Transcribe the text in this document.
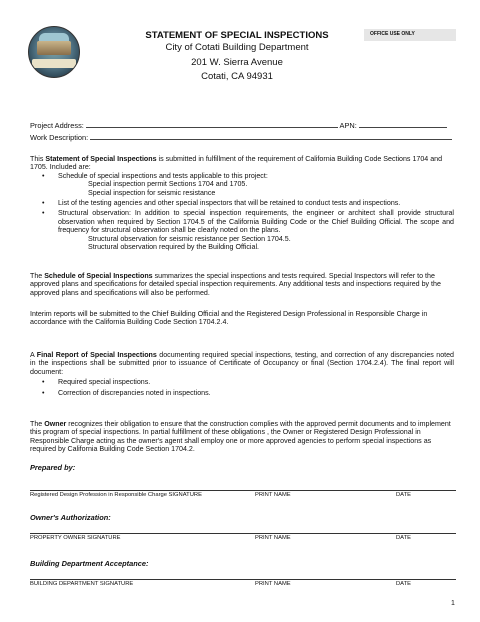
STATEMENT OF SPECIAL INSPECTIONS
City of Cotati Building Department
201 W. Sierra Avenue
Cotati, CA 94931
OFFICE USE ONLY
Project Address:	APN:
Work Description:

This Statement of Special Inspections is submitted in fulfillment of the requirement of California Building Code Sections 1704 and 1705. Included are:

• Schedule of special inspections and tests applicable to this project:

Special inspection permit Sections 1704 and 1705.

Special inspection for seismic resistance

• List of the testing agencies and other special inspectors that will be retained to conduct tests and inspections.

• Structural observation: In addition to special inspection requirements, the engineer or architect shall provide structural observation when required by Section 1704.5 of the California Building Code or the Chief Building Official. The scope and frequency for structural observation shall be clearly noted on the plans.

Structural observation for seismic resistance per Section 1704.5.

Structural observation required by the Building Official.

The Schedule of Special Inspections summarizes the special inspections and tests required. Special Inspectors will refer to the approved plans and specifications for detailed special inspection requirements. Any additional tests and inspections required by the approved plans and specifications will also be performed.
Interim reports will be submitted to the Chief Building Official and the Registered Design Professional in Responsible Charge in accordance with the California Building Code Section 1704.2.4.

A Final Report of Special Inspections documenting required special inspections, testing, and correction of any discrepancies noted in the inspections shall be submitted prior to issuance of Certificate of Occupancy or final (Section 1704.2.4). The final report will document:

• Required special inspections.

• Correction of discrepancies noted in inspections.

The Owner recognizes their obligation to ensure that the construction complies with the approved permit documents and to implement this program of special inspections. In partial fulfillment of these obligations , the Owner or Registered Design Professional in Responsible Charge acting as the owner's agent shall employ one or more approved agencies to perform special inspections as required by California Building Code Section 1704.2.
Prepared by:
Registered Design Profession in Responsible Charge SIGNATURE	PRINT NAME	DATE
Owner's Authorization:
PROPERTY OWNER SIGNATURE	PRINT NAME	DATE
Building Department Acceptance:
BUILDING DEPARTMENT SIGNATURE	PRINT NAME	DATE
1
